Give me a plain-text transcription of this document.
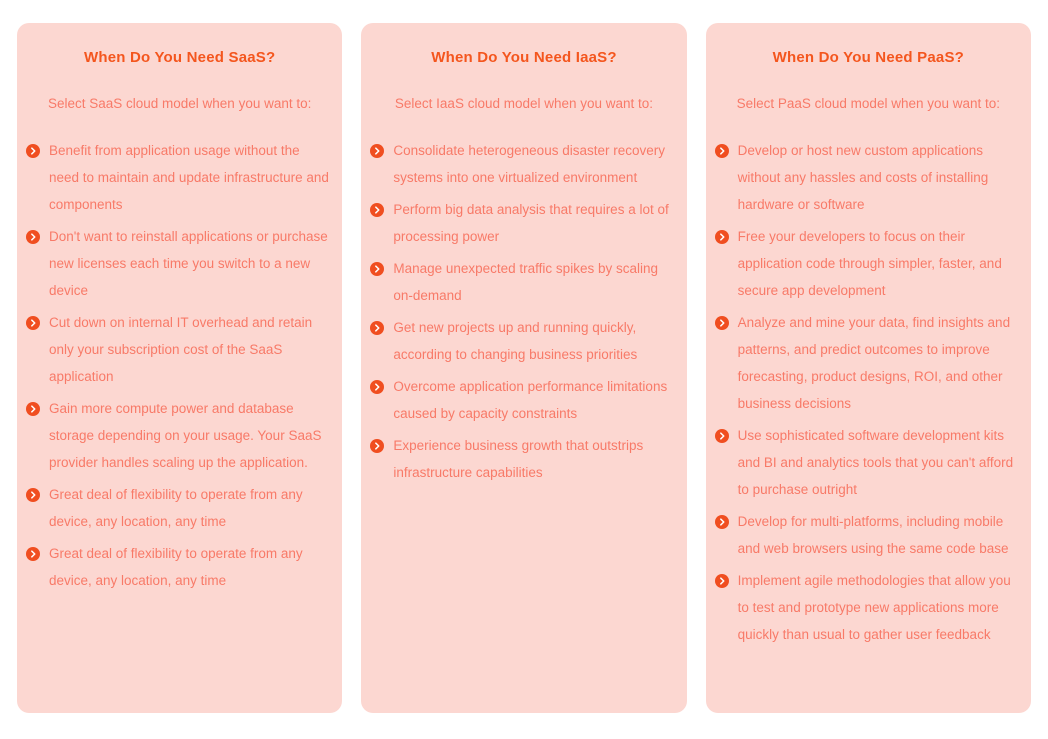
When Do You Need SaaS?
Select SaaS cloud model when you want to:
Benefit from application usage without the need to maintain and update infrastructure and components
Don't want to reinstall applications or purchase new licenses each time you switch to a new device
Cut down on internal IT overhead and retain only your subscription cost of the SaaS application
Gain more compute power and database storage depending on your usage. Your SaaS provider handles scaling up the application.
Great deal of flexibility to operate from any device, any location, any time
Great deal of flexibility to operate from any device, any location, any time
When Do You Need IaaS?
Select IaaS cloud model when you want to:
Consolidate heterogeneous disaster recovery systems into one virtualized environment
Perform big data analysis that requires a lot of processing power
Manage unexpected traffic spikes by scaling on-demand
Get new projects up and running quickly, according to changing business priorities
Overcome application performance limitations caused by capacity constraints
Experience business growth that outstrips infrastructure capabilities
When Do You Need PaaS?
Select PaaS cloud model when you want to:
Develop or host new custom applications without any hassles and costs of installing hardware or software
Free your developers to focus on their application code through simpler, faster, and secure app development
Analyze and mine your data, find insights and patterns, and predict outcomes to improve forecasting, product designs, ROI, and other business decisions
Use sophisticated software development kits and BI and analytics tools that you can't afford to purchase outright
Develop for multi-platforms, including mobile and web browsers using the same code base
Implement agile methodologies that allow you to test and prototype new applications more quickly than usual to gather user feedback
